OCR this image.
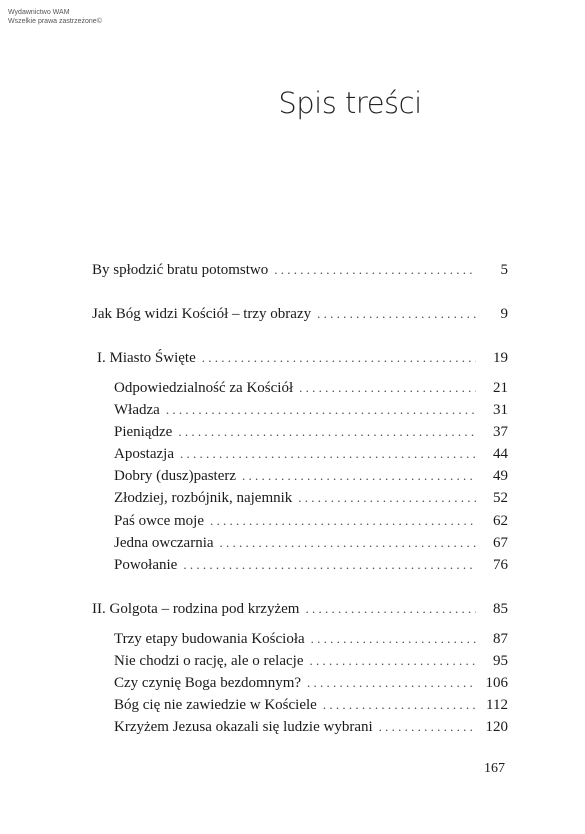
Wydawnictwo WAM
Wszelkie prawa zastrzeżone©
Spis treści
By spłodzić bratu potomstwo . . .	5
Jak Bóg widzi Kościół – trzy obrazy . . .	9
I. Miasto Święte . . .	19
Odpowiedzialność za Kościół . . .	21
Władza . . .	31
Pieniądze . . .	37
Apostazja . . .	44
Dobry (dusz)pasterz . . .	49
Złodziej, rozbójnik, najemnik . . .	52
Paś owce moje . . .	62
Jedna owczarnia . . .	67
Powołanie . . .	76
II. Golgota – rodzina pod krzyżem . . .	85
Trzy etapy budowania Kościoła . . .	87
Nie chodzi o rację, ale o relacje . . .	95
Czy czynię Boga bezdomnym? . . .	106
Bóg cię nie zawiedzie w Kościele . . .	112
Krzyżem Jezusa okazali się ludzie wybrani . . .	120
167
